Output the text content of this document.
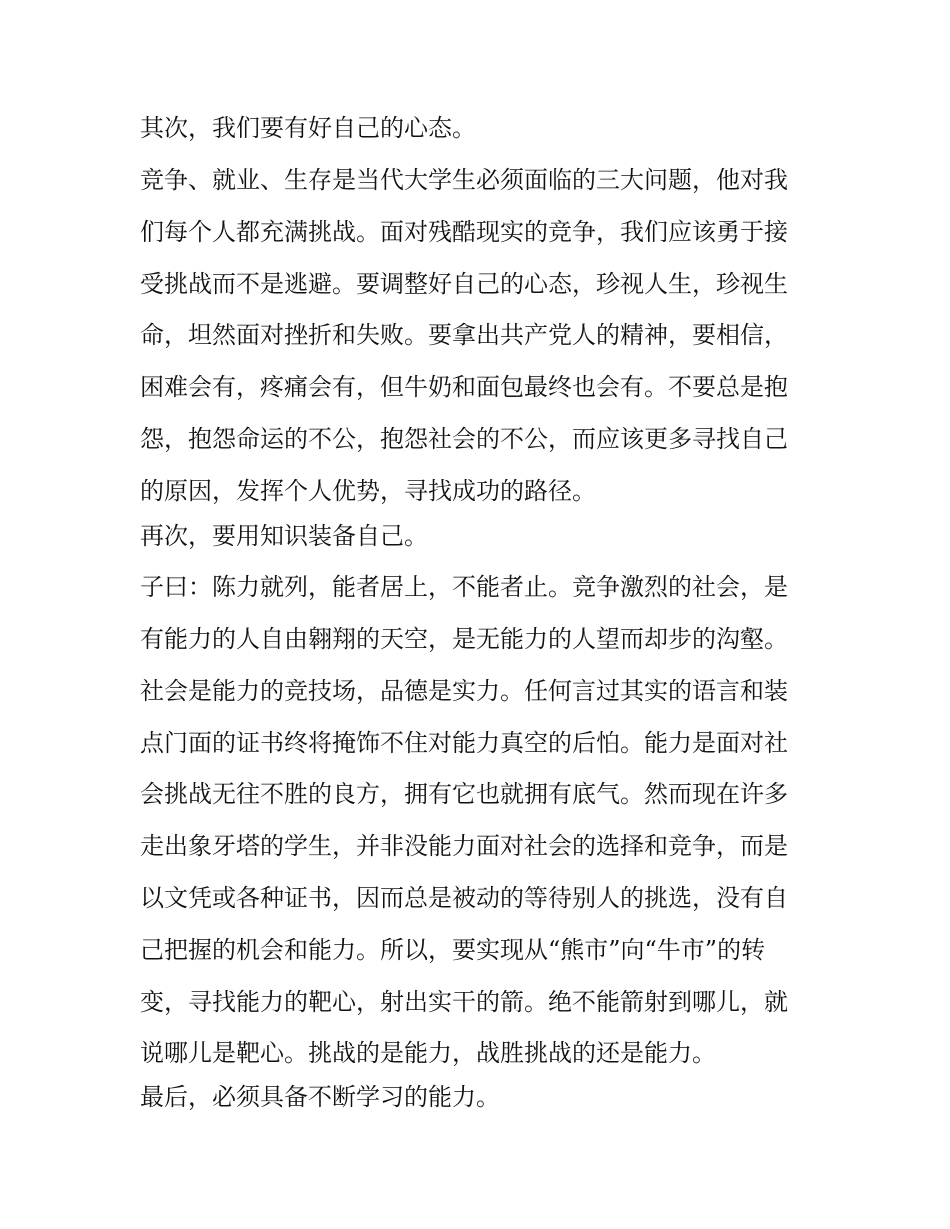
其次，我们要有好自己的心态。
竞争、就业、生存是当代大学生必须面临的三大问题，他对我
们每个人都充满挑战。面对残酷现实的竞争，我们应该勇于接
受挑战而不是逃避。要调整好自己的心态，珍视人生，珍视生
命，坦然面对挫折和失败。要拿出共产党人的精神，要相信，
困难会有，疼痛会有，但牛奶和面包最终也会有。不要总是抱
怨，抱怨命运的不公，抱怨社会的不公，而应该更多寻找自己
的原因，发挥个人优势，寻找成功的路径。
再次，要用知识装备自己。
子曰：陈力就列，能者居上，不能者止。竞争激烈的社会，是
有能力的人自由翱翔的天空，是无能力的人望而却步的沟壑。
社会是能力的竞技场，品德是实力。任何言过其实的语言和装
点门面的证书终将掩饰不住对能力真空的后怕。能力是面对社
会挑战无往不胜的良方，拥有它也就拥有底气。然而现在许多
走出象牙塔的学生，并非没能力面对社会的选择和竞争，而是
以文凭或各种证书，因而总是被动的等待别人的挑选，没有自
己把握的机会和能力。所以，要实现从“熊市”向“牛市”的转
变，寻找能力的靶心，射出实干的箭。绝不能箭射到哪儿，就
说哪儿是靶心。挑战的是能力，战胜挑战的还是能力。
最后，必须具备不断学习的能力。
